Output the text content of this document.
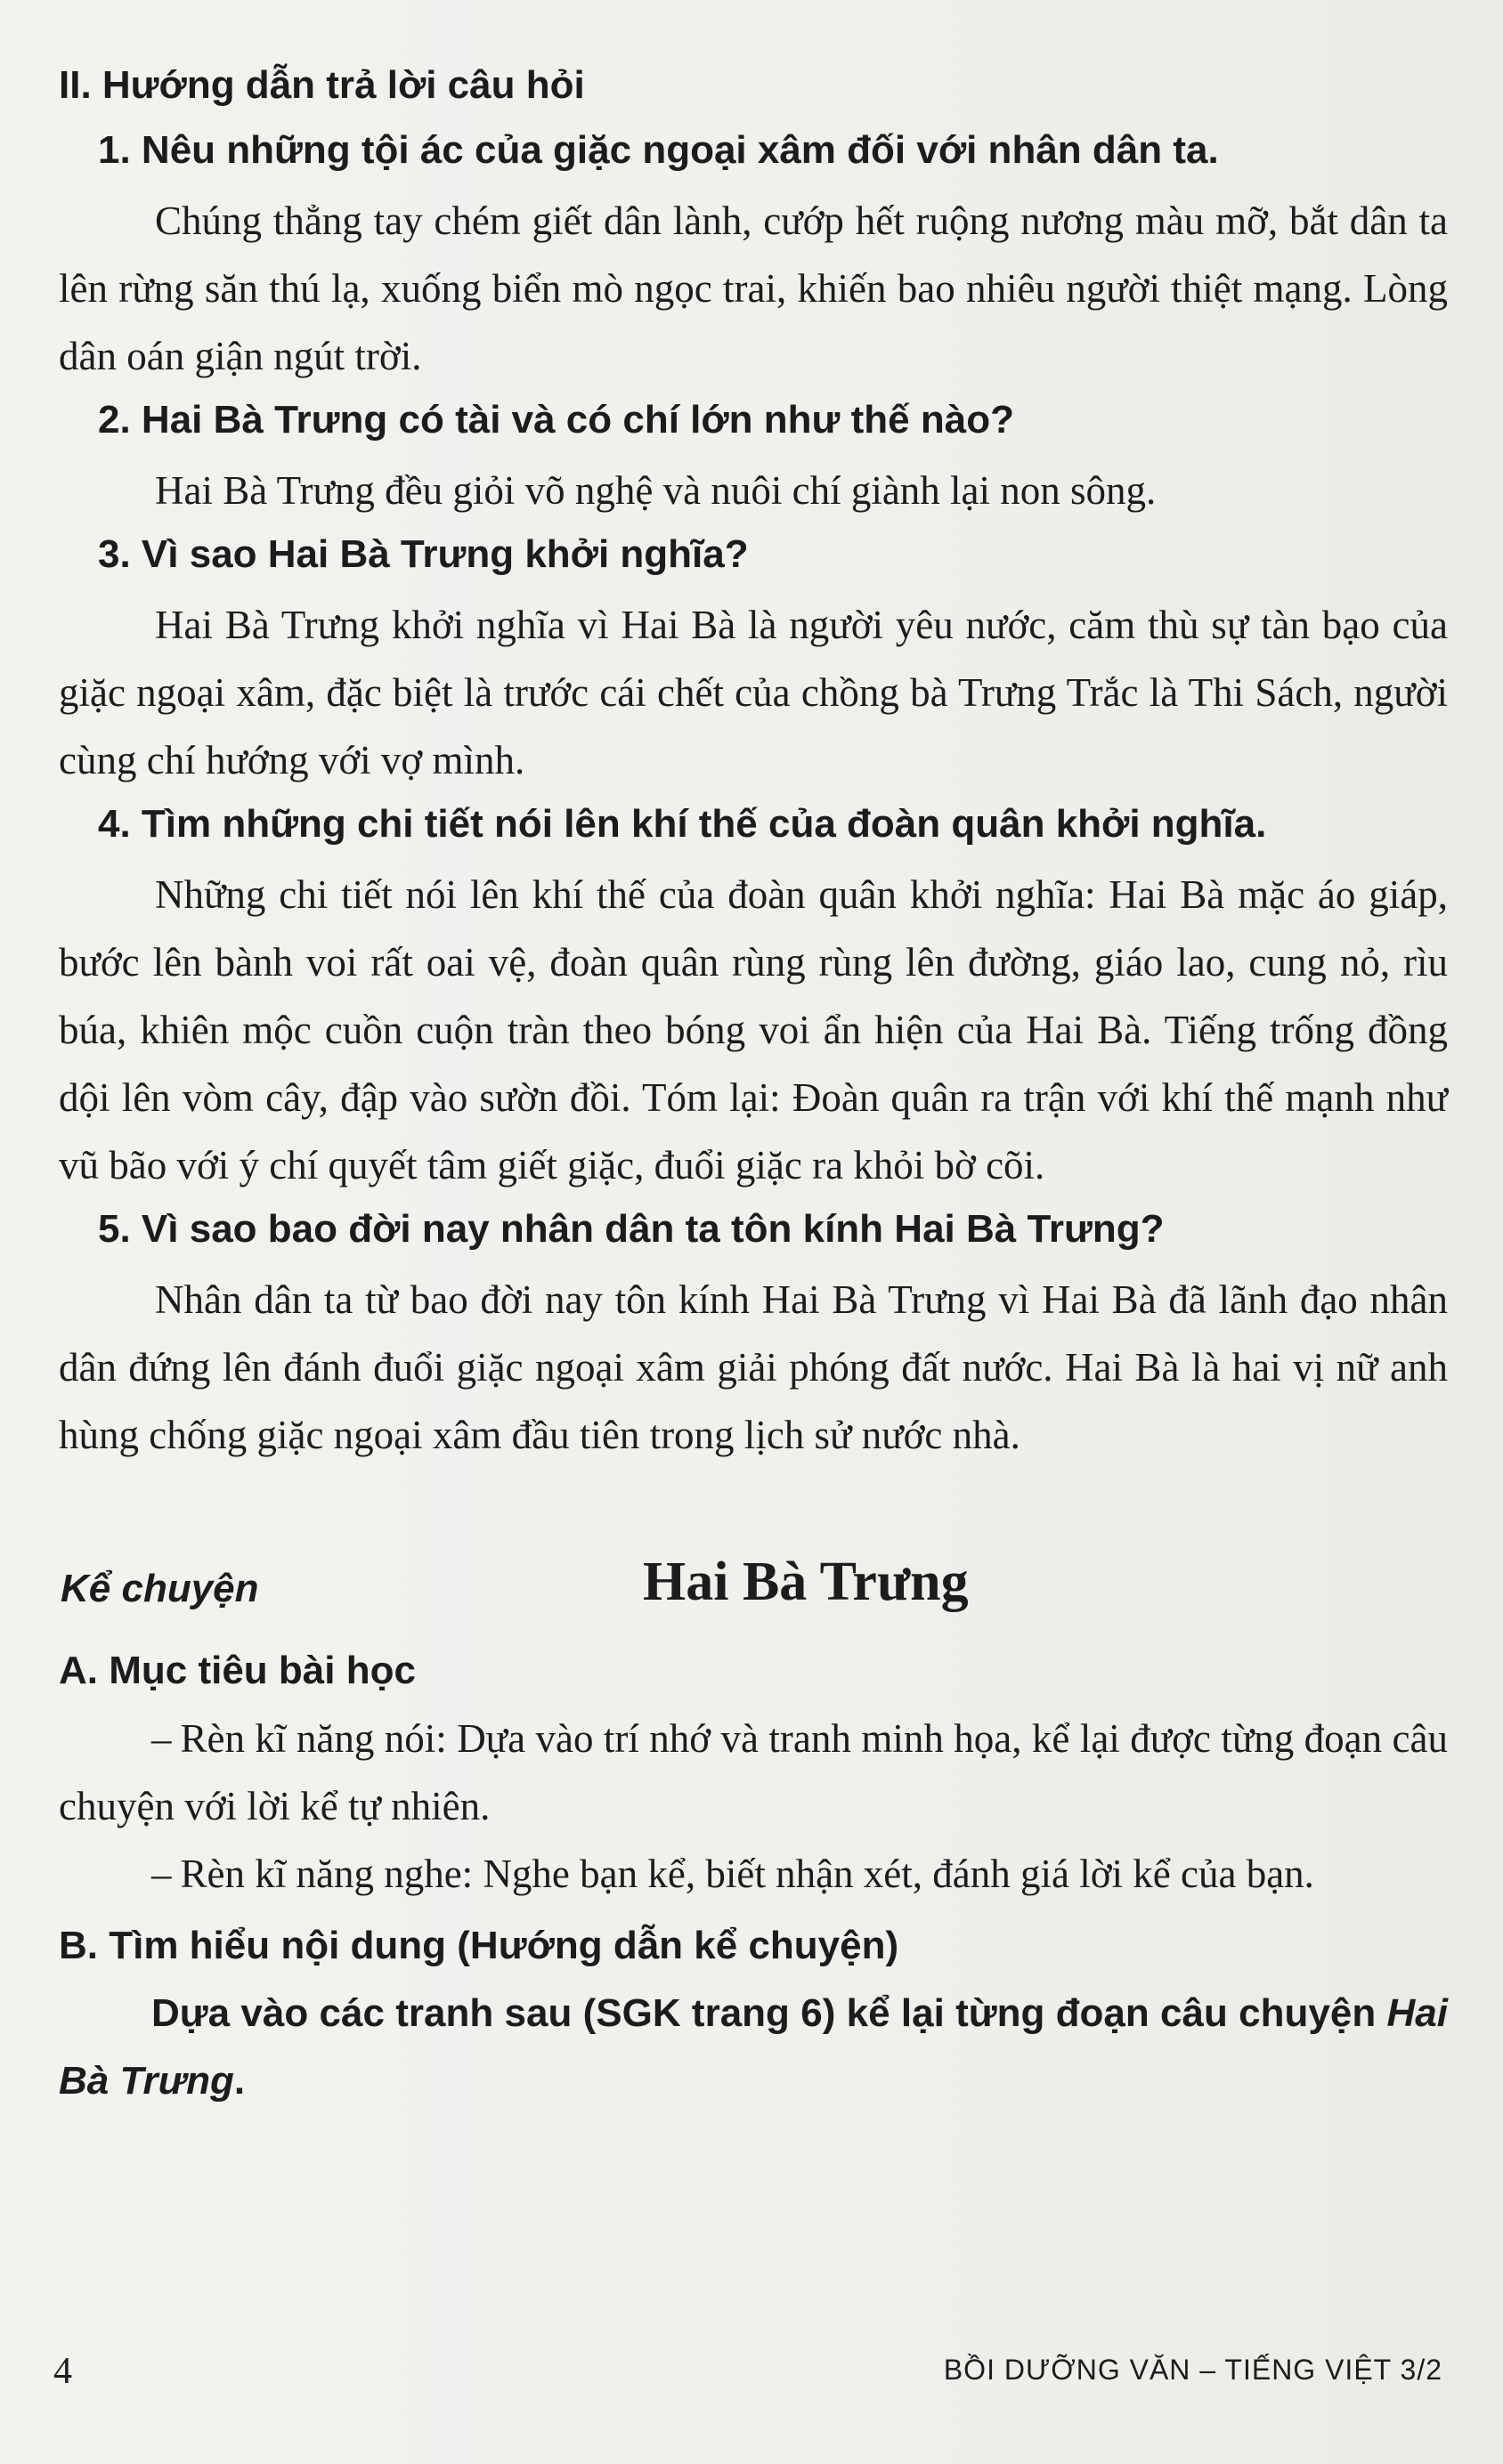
II. Hướng dẫn trả lời câu hỏi
1. Nêu những tội ác của giặc ngoại xâm đối với nhân dân ta.

Chúng thẳng tay chém giết dân lành, cướp hết ruộng nương màu mỡ, bắt dân ta lên rừng săn thú lạ, xuống biển mò ngọc trai, khiến bao nhiêu người thiệt mạng. Lòng dân oán giận ngút trời.

2. Hai Bà Trưng có tài và có chí lớn như thế nào?

Hai Bà Trưng đều giỏi võ nghệ và nuôi chí giành lại non sông.

3. Vì sao Hai Bà Trưng khởi nghĩa?

Hai Bà Trưng khởi nghĩa vì Hai Bà là người yêu nước, căm thù sự tàn bạo của giặc ngoại xâm, đặc biệt là trước cái chết của chồng bà Trưng Trắc là Thi Sách, người cùng chí hướng với vợ mình.

4. Tìm những chi tiết nói lên khí thế của đoàn quân khởi nghĩa.

Những chi tiết nói lên khí thế của đoàn quân khởi nghĩa: Hai Bà mặc áo giáp, bước lên bành voi rất oai vệ, đoàn quân rùng rùng lên đường, giáo lao, cung nỏ, rìu búa, khiên mộc cuồn cuộn tràn theo bóng voi ẩn hiện của Hai Bà. Tiếng trống đồng dội lên vòm cây, đập vào sườn đồi. Tóm lại: Đoàn quân ra trận với khí thế mạnh như vũ bão với ý chí quyết tâm giết giặc, đuổi giặc ra khỏi bờ cõi.

5. Vì sao bao đời nay nhân dân ta tôn kính Hai Bà Trưng?

Nhân dân ta từ bao đời nay tôn kính Hai Bà Trưng vì Hai Bà đã lãnh đạo nhân dân đứng lên đánh đuổi giặc ngoại xâm giải phóng đất nước. Hai Bà là hai vị nữ anh hùng chống giặc ngoại xâm đầu tiên trong lịch sử nước nhà.

Kể chuyện	Hai Bà Trưng
A. Mục tiêu bài học

– Rèn kĩ năng nói: Dựa vào trí nhớ và tranh minh họa, kể lại được từng đoạn câu chuyện với lời kể tự nhiên.

– Rèn kĩ năng nghe: Nghe bạn kể, biết nhận xét, đánh giá lời kể của bạn.

B. Tìm hiểu nội dung (Hướng dẫn kể chuyện)

Dựa vào các tranh sau (SGK trang 6) kể lại từng đoạn câu chuyện Hai Bà Trưng.

4	BỒI DƯỠNG VĂN – TIẾNG VIỆT 3/2
